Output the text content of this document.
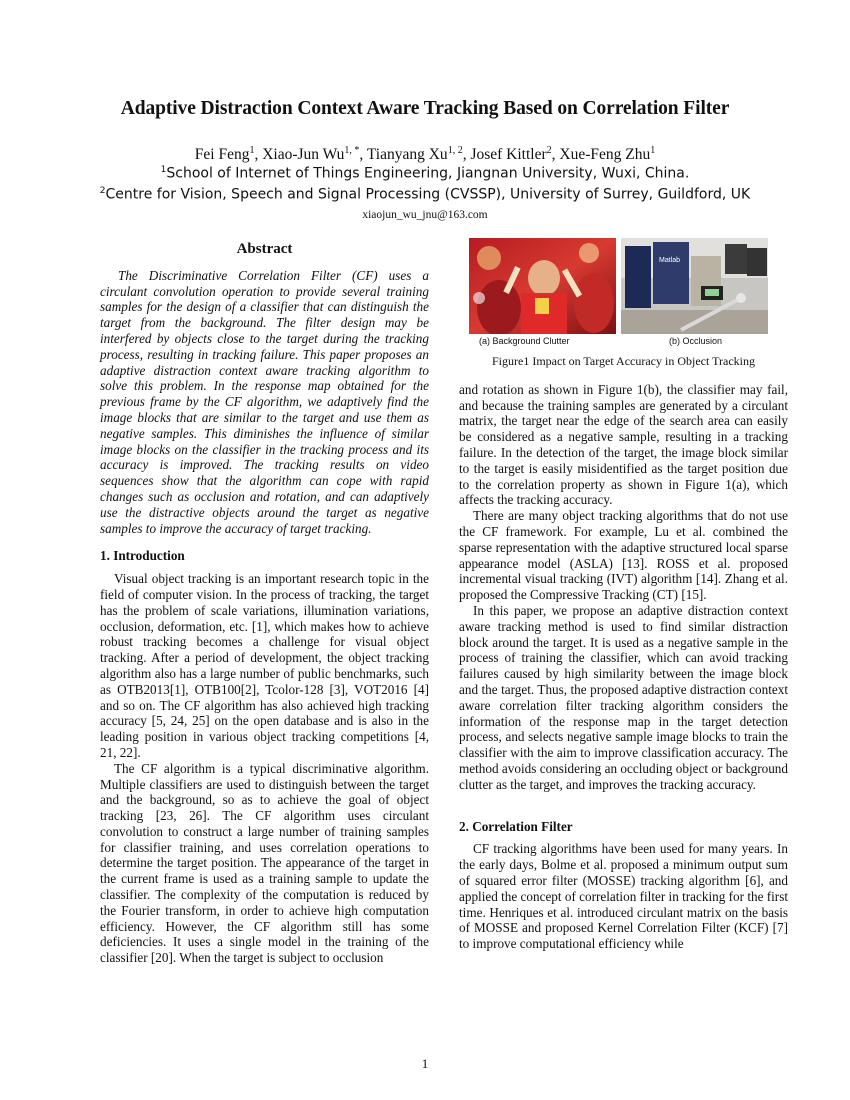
Adaptive Distraction Context Aware Tracking Based on Correlation Filter
Fei Feng$^1$, Xiao-Jun $Wu^{1, *}$, Tianyang Xu$^{1, 2}$, Josef Kittler$^2$, Xue-Feng Zhu$^1$
$^1$School of Internet of Things Engineering, Jiangnan University, Wuxi, China.
$^2$Centre for Vision, Speech and Signal Processing (CVSSP), University of Surrey, Guildford, UK
xiaojun_wu_jnu@163.com
Abstract

The Discriminative Correlation Filter (CF) uses a circulant convolution operation to provide several training samples for the design of a classifier that can distinguish the target from the background. The filter design may be interfered by objects close to the target during the tracking process, resulting in tracking failure. This paper proposes an adaptive distraction context aware tracking algorithm to solve this problem. In the response map obtained for the previous frame by the CF algorithm, we adaptively find the image blocks that are similar to the target and use them as negative samples. This diminishes the influence of similar image blocks on the classifier in the tracking process and its accuracy is improved. The tracking results on video sequences show that the algorithm can cope with rapid changes such as occlusion and rotation, and can adaptively use the distractive objects around the target as negative samples to improve the accuracy of target tracking.

1. Introduction

Visual object tracking is an important research topic in the field of computer vision. In the process of tracking, the target has the problem of scale variations, illumination variations, occlusion, deformation, etc. [1], which makes how to achieve robust tracking becomes a challenge for visual object tracking. After a period of development, the object tracking algorithm also has a large number of public benchmarks, such as OTB2013[1], OTB100[2], Tcolor-128 [3], VOT2016 [4] and so on. The CF algorithm has also achieved high tracking accuracy [5, 24, 25] on the open database and is also in the leading position in various object tracking competitions [4, 21, 22].

The CF algorithm is a typical discriminative algorithm. Multiple classifiers are used to distinguish between the target and the background, so as to achieve the goal of object tracking [23, 26]. The CF algorithm uses circulant convolution to construct a large number of training samples for classifier training, and uses correlation operations to determine the target position. The appearance of the target in the current frame is used as a training sample to update the classifier. The complexity of the computation is reduced by the Fourier transform, in order to achieve high computation efficiency. However, the CF algorithm still has some deficiencies. It uses a single model in the training of the classifier [20]. When the target is subject to occlusion

Matlab
(a) Background Clutter	(b) Occlusion
Figure1 Impact on Target Accuracy in Object Tracking

and rotation as shown in Figure 1(b), the classifier may fail, and because the training samples are generated by a circulant matrix, the target near the edge of the search area can easily be considered as a negative sample, resulting in a tracking failure. In the detection of the target, the image block similar to the target is easily misidentified as the target position due to the correlation property as shown in Figure 1(a), which affects the tracking accuracy.

There are many object tracking algorithms that do not use the CF framework. For example, Lu et al. combined the sparse representation with the adaptive structured local sparse appearance model (ASLA) [13]. ROSS et al. proposed incremental visual tracking (IVT) algorithm [14]. Zhang et al. proposed the Compressive Tracking (CT) [15].

In this paper, we propose an adaptive distraction context aware tracking method is used to find similar distraction block around the target. It is used as a negative sample in the process of training the classifier, which can avoid tracking failures caused by high similarity between the image block and the target. Thus, the proposed adaptive distraction context aware correlation filter tracking algorithm considers the information of the response map in the target detection process, and selects negative sample image blocks to train the classifier with the aim to improve classification accuracy. The method avoids considering an occluding object or background clutter as the target, and improves the tracking accuracy.

2. Correlation Filter

CF tracking algorithms have been used for many years. In the early days, Bolme et al. proposed a minimum output sum of squared error filter (MOSSE) tracking algorithm [6], and applied the concept of correlation filter in tracking for the first time. Henriques et al. introduced circulant matrix on the basis of MOSSE and proposed Kernel Correlation Filter (KCF) [7] to improve computational efficiency while

1
